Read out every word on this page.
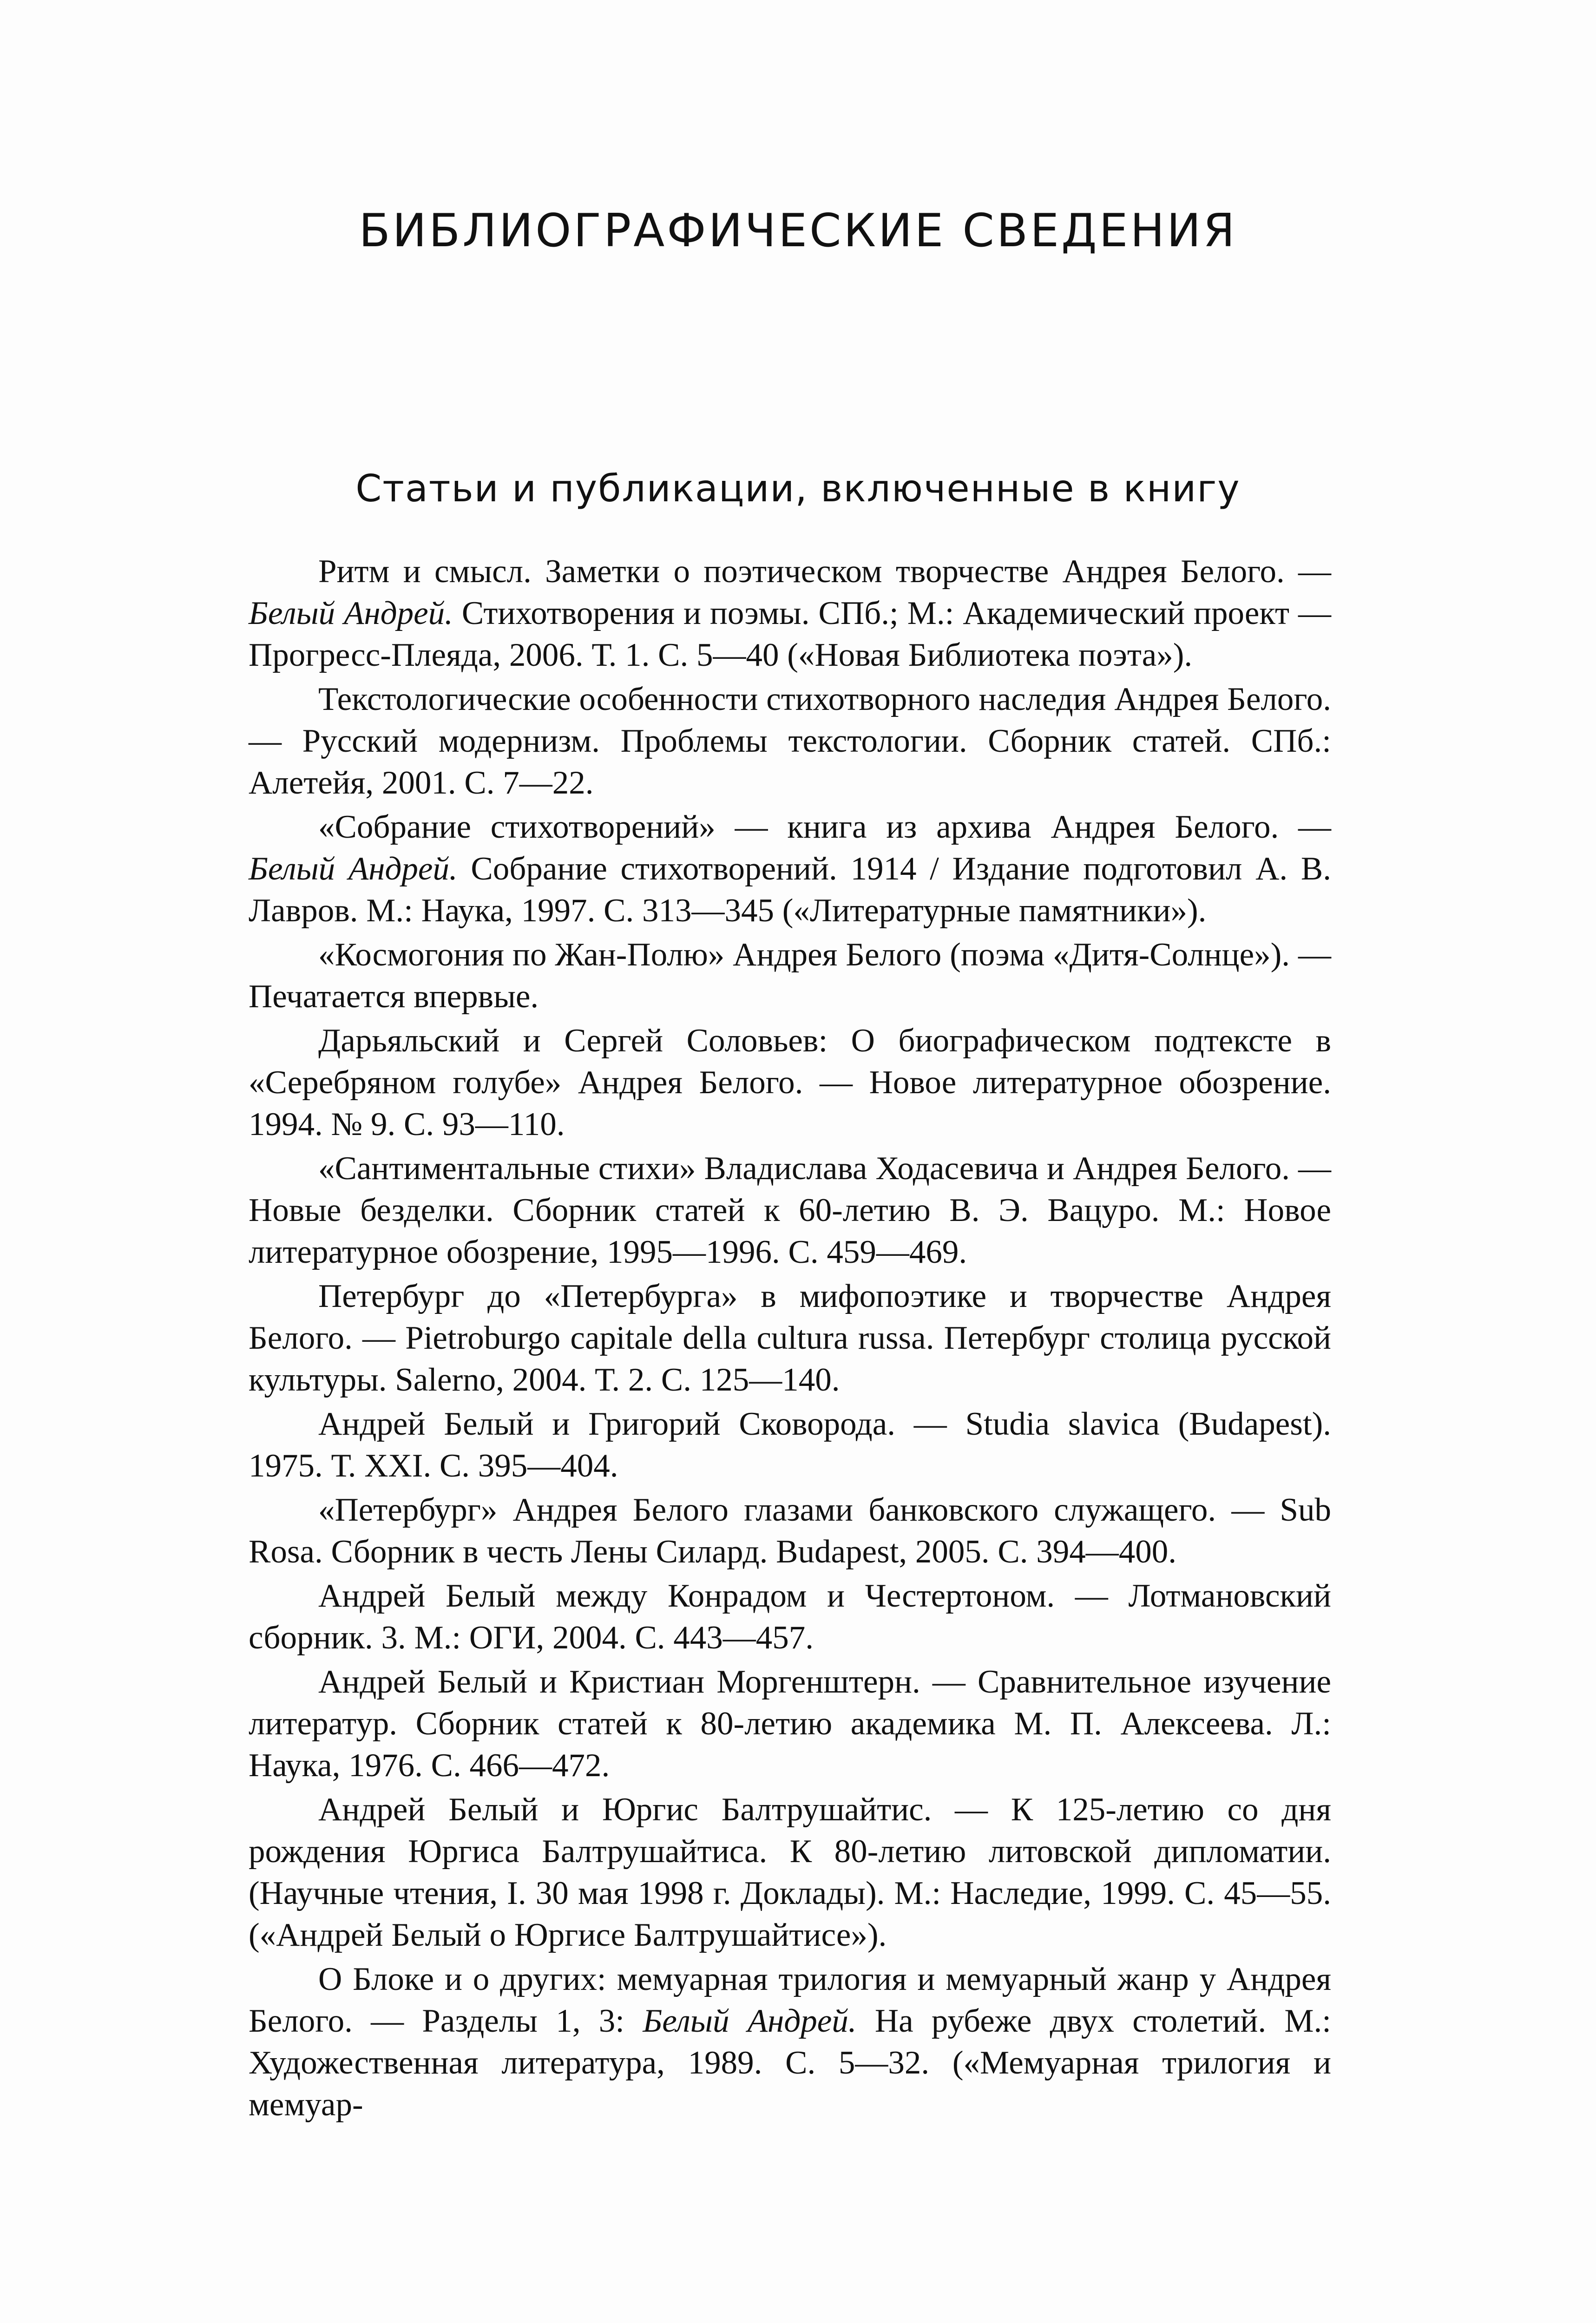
БИБЛИОГРАФИЧЕСКИЕ СВЕДЕНИЯ
Статьи и публикации, включенные в книгу

Ритм и смысл. Заметки о поэтическом творчестве Андрея Белого. — Белый Андрей. Стихотворения и поэмы. СПб.; М.: Академический проект — Прогресс-Плеяда, 2006. Т. 1. С. 5—40 («Новая Библиотека поэта»).

Текстологические особенности стихотворного наследия Андрея Белого. — Русский модернизм. Проблемы текстологии. Сборник статей. СПб.: Алетейя, 2001. С. 7—22.

«Собрание стихотворений» — книга из архива Андрея Белого. — Белый Андрей. Собрание стихотворений. 1914 / Издание подготовил А. В. Лавров. М.: Наука, 1997. С. 313—345 («Литературные памятники»).

«Космогония по Жан-Полю» Андрея Белого (поэма «Дитя-Солнце»). — Печатается впервые.

Дарьяльский и Сергей Соловьев: О биографическом подтексте в «Серебряном голубе» Андрея Белого. — Новое литературное обозрение. 1994. № 9. С. 93—110.

«Сантиментальные стихи» Владислава Ходасевича и Андрея Белого. — Новые безделки. Сборник статей к 60-летию В. Э. Вацуро. М.: Новое литературное обозрение, 1995—1996. С. 459—469.

Петербург до «Петербурга» в мифопоэтике и творчестве Андрея Белого. — Pietroburgo capitale della cultura russa. Петербург столица русской культуры. Salerno, 2004. Т. 2. С. 125—140.

Андрей Белый и Григорий Сковорода. — Studia slavica (Budapest). 1975. Т. XXI. С. 395—404.

«Петербург» Андрея Белого глазами банковского служащего. — Sub Rosa. Сборник в честь Лены Силард. Budapest, 2005. С. 394—400.

Андрей Белый между Конрадом и Честертоном. — Лотмановский сборник. 3. М.: ОГИ, 2004. С. 443—457.

Андрей Белый и Кристиан Моргенштерн. — Сравнительное изучение литератур. Сборник статей к 80-летию академика М. П. Алексеева. Л.: Наука, 1976. С. 466—472.

Андрей Белый и Юргис Балтрушайтис. — К 125-летию со дня рождения Юргиса Балтрушайтиса. К 80-летию литовской дипломатии. (Научные чтения, I. 30 мая 1998 г. Доклады). М.: Наследие, 1999. С. 45—55. («Андрей Белый о Юргисе Балтрушайтисе»).

О Блоке и о других: мемуарная трилогия и мемуарный жанр у Андрея Белого. — Разделы 1, 3: Белый Андрей. На рубеже двух столетий. М.: Художественная литература, 1989. С. 5—32. («Мемуарная трилогия и мемуар-
